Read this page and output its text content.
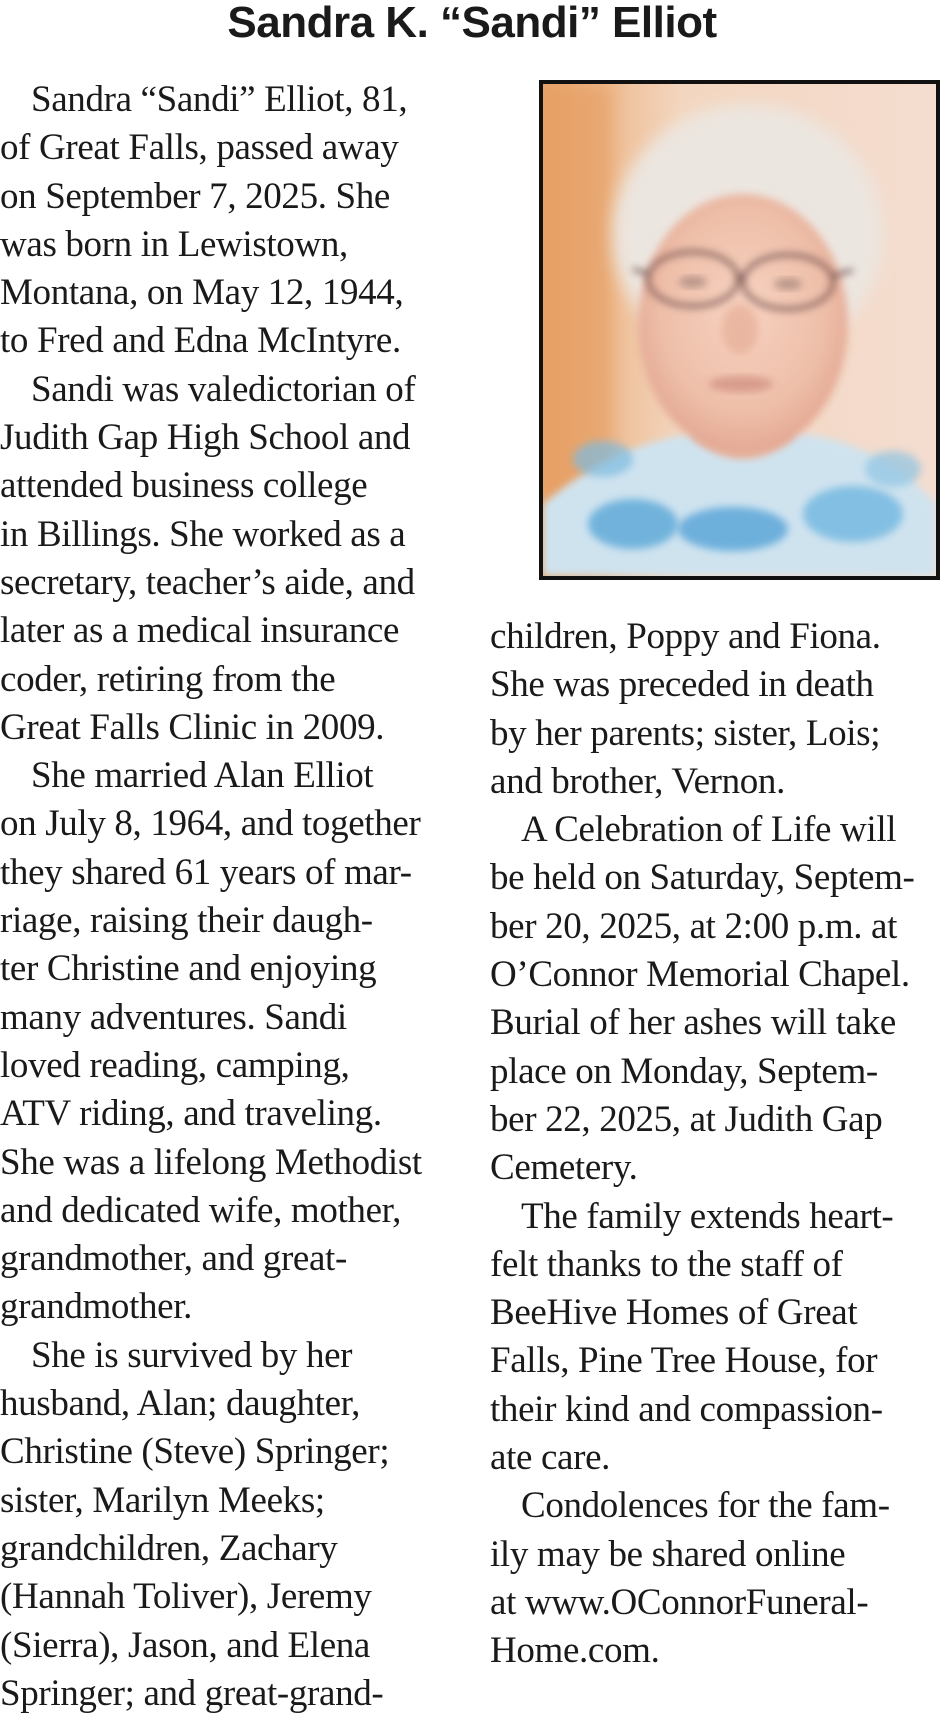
Sandra K. “Sandi” Elliot
Sandra “Sandi” Elliot, 81,
of Great Falls, passed away
on September 7, 2025. She
was born in Lewistown,
Montana, on May 12, 1944,
to Fred and Edna McIntyre.
Sandi was valedictorian of
Judith Gap High School and
attended business college
in Billings. She worked as a
secretary, teacher’s aide, and
later as a medical insurance
coder, retiring from the
Great Falls Clinic in 2009.
She married Alan Elliot
on July 8, 1964, and together
they shared 61 years of mar-
riage, raising their daugh-
ter Christine and enjoying
many adventures. Sandi
loved reading, camping,
ATV riding, and traveling.
She was a lifelong Methodist
and dedicated wife, mother,
grandmother, and great-
grandmother.
She is survived by her
husband, Alan; daughter,
Christine (Steve) Springer;
sister, Marilyn Meeks;
grandchildren, Zachary
(Hannah Toliver), Jeremy
(Sierra), Jason, and Elena
Springer; and great-grand-
children, Poppy and Fiona.
She was preceded in death
by her parents; sister, Lois;
and brother, Vernon.
A Celebration of Life will
be held on Saturday, Septem-
ber 20, 2025, at 2:00 p.m. at
O’Connor Memorial Chapel.
Burial of her ashes will take
place on Monday, Septem-
ber 22, 2025, at Judith Gap
Cemetery.
The family extends heart-
felt thanks to the staff of
BeeHive Homes of Great
Falls, Pine Tree House, for
their kind and compassion-
ate care.
Condolences for the fam-
ily may be shared online
at www.OConnorFuneral-
Home.com.
